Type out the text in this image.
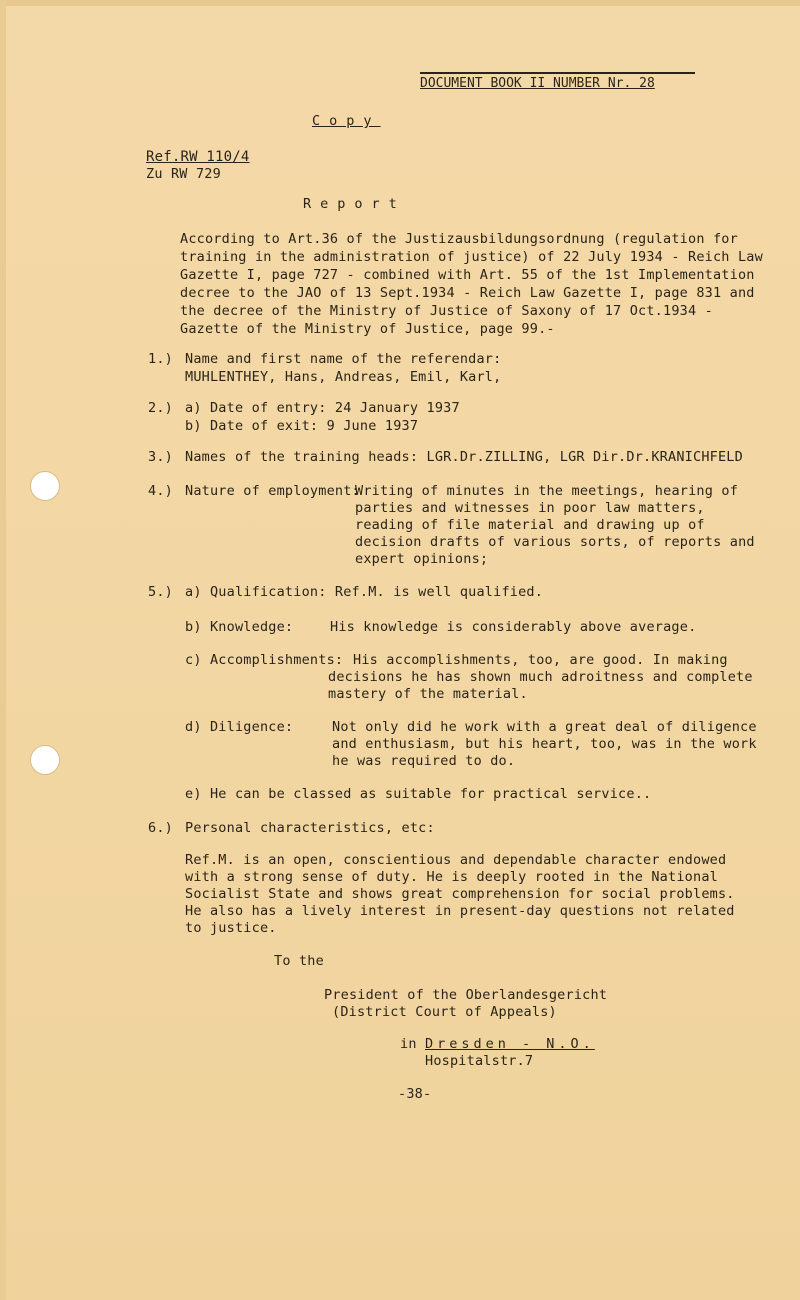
DOCUMENT BOOK II NUMBER Nr. 28
Copy
Ref.RW 110/4
Zu RW 729
Report
According to Art.36 of the Justizausbildungsordnung (regulation for
training in the administration of justice) of 22 July 1934 - Reich Law
Gazette I, page 727 - combined with Art. 55 of the 1st Implementation
decree to the JAO of 13 Sept.1934 - Reich Law Gazette I, page 831 and
the decree of the Ministry of Justice of Saxony of 17 Oct.1934 -
Gazette of the Ministry of Justice, page 99.-
1.) Name and first name of the referendar:
MUHLENTHEY, Hans, Andreas, Emil, Karl,
2.) a) Date of entry: 24 January 1937
b) Date of exit: 9 June 1937
3.) Names of the training heads: LGR.Dr.ZILLING, LGR Dir.Dr.KRANICHFELD
4.) Nature of employment:
Writing of minutes in the meetings, hearing of
parties and witnesses in poor law matters,
reading of file material and drawing up of
decision drafts of various sorts, of reports and
expert opinions;
5.) a) Qualification: Ref.M. is well qualified.
b) Knowledge:	His knowledge is considerably above average.
c) Accomplishments: His accomplishments, too, are good. In making
decisions he has shown much adroitness and complete
mastery of the material.
d) Diligence:	Not only did he work with a great deal of diligence
and enthusiasm, but his heart, too, was in the work
he was required to do.
e) He can be classed as suitable for practical service..
6.) Personal characteristics, etc:
Ref.M. is an open, conscientious and dependable character endowed
with a strong sense of duty. He is deeply rooted in the National
Socialist State and shows great comprehension for social problems.
He also has a lively interest in present-day questions not related
to justice.
To the
President of the Oberlandesgericht
(District Court of Appeals)
in Dresden - N.O.
Hospitalstr.7
-38-
